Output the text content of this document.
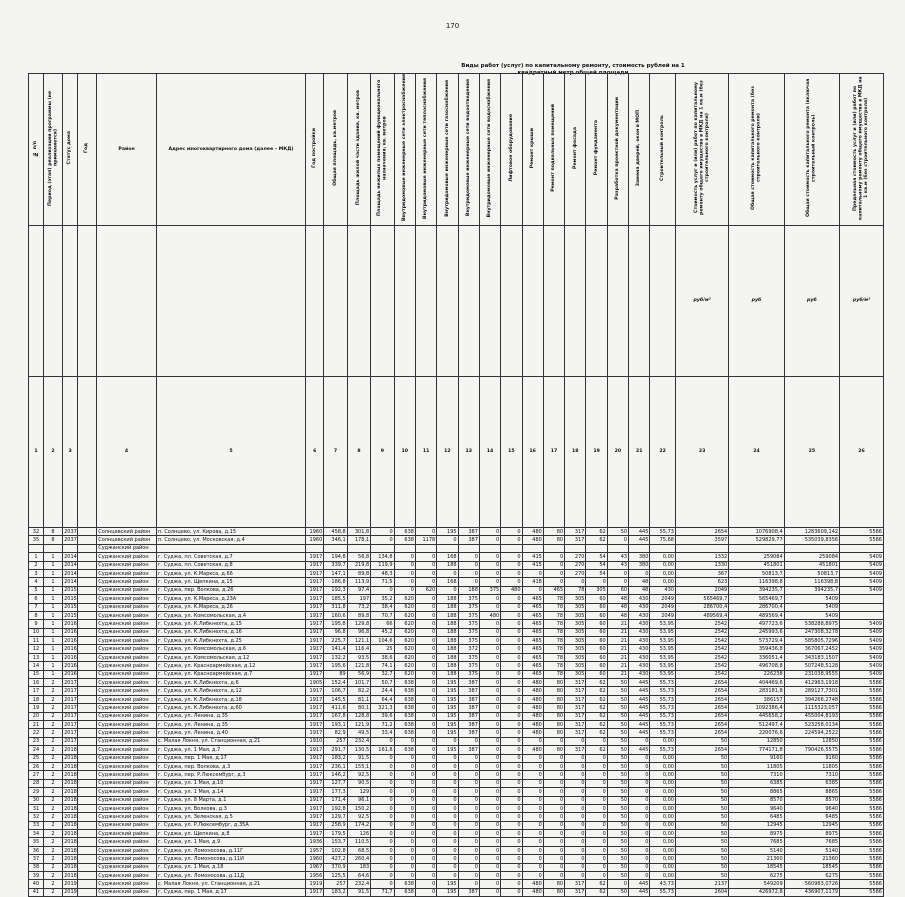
170
Виды работ (услуг) по капитальному ремонту, стоимость рублей на 1 квадратный метр общей площади
№ п/п	Период (этап) реализации программы (не применяется)	Статус дома	Год	Район	Адрес многоквартирного дома (далее – МКД)	Год постройки	Общая площадь, кв.метров	Площадь жилой части здания, кв. метров	Площадь нежилых помещений функционального назначения, кв. метров	Внутридомовые инженерные сети электроснабжения	Внутридомовые инженерные сети теплоснабжения	Внутридомовые инженерные сети газоснабжения	Внутридомовые инженерные сети водоотведения	Внутридомовые инженерные сети водоснабжения	Лифтовое оборудование	Ремонт крыши	Ремонт подвальных помещений	Ремонт фасада	Ремонт фундамента	Разработка проектной документации	Замена дверей, окон в МОП	Строительный контроль	Стоимость услуг и (или) работ по капитальному ремонту общего имущества в МКД на 1 кв.м (без строительного контроля)	Общая стоимость капитального ремонта (без строительного контроля)	Общая стоимость капитального ремонта (включая строительный контроль)	Предельная стоимость услуг и (или) работ по капитальному ремонту общего имущества в МКД на 1 кв.м (без строительного контроля)
																							руб/м²	руб	руб	руб/м²
1	2	3		4	5	6	7	8	9	10	11	12	13	14	15	16	17	18	19	20	21	22	23	24	25	26
32	8	2037		Солнцевский район	п. Солнцево, ул. Кирова, д.15	1960	458,8	301,8	0	638	0	195	387	0	0	480	80	317	62	50	445	55,73	2654	1076908,4	1283609,142	5586
35	8	2037		Солнцевский район	п. Солнцево, ул. Московская, д.4	1960	346,1	178,1	0	638	1178	0	387	0	0	480	80	317	62	0	445	75,68	3597	529829,77	535039,8356	5586
				Суджанский район																						
1	1	2014		Суджанский район	г. Суджа, пл. Советская, д.7	1917	194,8	56,8	134,8	0	0	168	0	0	0	415	0	270	54	43	380	0,00	1332	259084	259084	5409
2	1	2014		Суджанский район	г. Суджа, пл. Советская, д.8	1917	339,7	219,8	119,9	0	0	188	0	0	0	415	0	270	54	43	380	0,00	1330	451801	451801	5409
3	1	2014		Суджанский район	г. Суджа, ул. К.Маркса, д.66	1917	147,1	89,8	48,3	0	0	0	0	0	0	0	0	270	54	0	0	0,00	367	50813,7	50813,7	5409
4	1	2014		Суджанский район	г. Суджа, ул. Щепкина, д.15	1917	186,8	113,9	71,5	0	0	168	0	0	0	418	0	0	0	0	48	0,00	623	116398,8	116398,8	5409
5	1	2015		Суджанский район	г. Суджа, пер. Волкова, д.26	1917	192,3	97,4	0	0	620	0	188	375	480	0	465	78	305	60	48	430	2049	394235,7	394235,7	5409
6	1	2015		Суджанский район	г. Суджа, ул. К.Маркса, д.23А	1917	185,5	197	35,2	620	0	188	375	0	0	465	78	305	60	48	430	2049	565469,7	565469,7	5409	
7	1	2015		Суджанский район	г. Суджа, ул. К.Маркса, д.26	1917	311,8	73,2	38,4	620	0	188	375	0	0	465	78	305	60	48	430	2049	286700,4	286700,4	5409	
8	1	2015		Суджанский район	г. Суджа, ул. Комсомольская, д.4	1917	160,6	89,8	70,7	620	0	188	375	480	0	465	78	305	60	48	430	2049	489569,4	489569,4	5409	
9	1	2016		Суджанский район	г. Суджа, ул. К.Либкнехта, д.15	1917	195,8	129,8	66	620	0	188	375	0	0	465	78	305	60	21	430	53,95	2542	497723,6	538288,8975	5409
10	1	2016		Суджанский район	г. Суджа, ул. К.Либкнехта, д.16	1917	96,8	96,8	45,2	620	0	188	375	0	0	465	78	305	60	21	430	53,95	2542	245993,6	247308,3278	5409
11	1	2016		Суджанский район	г. Суджа, ул. К.Либкнехта, д.25	1917	225,7	121,1	104,6	620	0	188	375	0	0	465	78	305	60	21	430	53,95	2542	573729,4	585805,7296	5409
12	1	2016		Суджанский район	г. Суджа, ул. Комсомольская, д.6	1917	141,4	116,4	25	620	0	188	372	0	0	465	78	305	60	21	430	53,95	2542	359436,8	367067,2452	5409
13	1	2016		Суджанский район	г. Суджа, ул. Комсомольская, д.12	1917	132,2	93,5	38,6	620	0	188	375	0	0	465	78	305	60	21	430	53,95	2542	336051,4	343183,1507	5409
14	1	2016		Суджанский район	г. Суджа, ул. Красноармейская, д.12	1917	195,6	121,8	74,1	620	0	188	375	0	0	465	78	305	60	21	430	53,95	2542	496708,8	507248,5128	5409
15	1	2016		Суджанский район	г. Суджа, ул. Красноармейская, д.7	1917	89	56,9	32,7	620	0	188	375	0	0	465	78	305	60	21	430	53,95	2542	226238	231038,9555	5409
16	2	2017		Суджанский район	г. Суджа, ул. К.Либкнехта, д.6	1905	152,4	101,7	50,7	638	0	195	387	0	0	480	80	317	62	50	445	55,73	2654	404469,6	412963,1918	5586
17	2	2017		Суджанский район	г. Суджа, ул. К.Либкнехта, д.12	1917	106,7	82,2	24,4	638	0	195	387	0	0	480	80	317	62	50	445	55,73	2654	283181,8	289127,7301	5586
18	2	2017		Суджанский район	г. Суджа, ул. К.Либкнехта, д.18	1917	145,5	81,1	64,4	638	0	195	387	0	0	480	80	317	62	50	445	55,73	2654	386157	394266,2748	5586
19	2	2017		Суджанский район	г. Суджа, ул. К.Либкнехта, д.60	1917	411,6	80,1	321,3	638	0	195	387	0	0	480	80	317	62	50	445	55,73	2654	1092386,4	1115323,057	5586
20	2	2017		Суджанский район	г. Суджа, ул. Ленина, д.35	1917	167,8	128,8	39,6	638	0	195	387	0	0	480	80	317	62	50	445	55,73	2654	445658,2	455004,8193	5586
21	2	2017		Суджанский район	г. Суджа, ул. Ленина, д.35	1917	193,1	121,9	71,2	638	0	195	387	0	0	480	80	317	62	50	445	55,73	2654	512497,4	523258,0134	5586
22	2	2017		Суджанский район	г. Суджа, ул. Ленина, д.40	1917	82,9	49,5	33,4	638	0	195	387	0	0	480	80	317	62	50	445	55,73	2654	220076,6	224594,2522	5586
23	2	2017		Суджанский район	с. Малая Локня, ул. Станционная, д.21	1910	257	232,4	0	0	0	0	0	0	0	0	0	0	0	50	0	0,00	50	12850	12850	5586
24	2	2018		Суджанский район	г. Суджа, ул. 1 Мая, д.7	1917	291,7	130,5	161,8	638	0	195	387	0	0	480	80	317	62	50	445	55,73	2654	774171,8	790426,5575	5586
25	2	2018		Суджанский район	г. Суджа, пер. 1 Мая, д.17	1917	183,2	91,5	0	0	0	0	0	0	0	0	0	0	0	50	0	0,00	50	9160	9160	5586
26	2	2018		Суджанский район	г. Суджа, пер. Волкова, д.3	1917	236,1	155,1	0	0	0	0	0	0	0	0	0	0	0	50	0	0,00	50	11805	11805	5586
27	2	2018		Суджанский район	г. Суджа, пер. Р.Люксембург, д.3	1917	146,2	92,5	0	0	0	0	0	0	0	0	0	0	0	50	0	0,00	50	7310	7310	5586
28	2	2018		Суджанский район	г. Суджа, ул. 1 Мая, д.10	1917	127,7	90,5	0	0	0	0	0	0	0	0	0	0	0	50	0	0,00	50	6385	6385	5586
29	2	2018		Суджанский район	г. Суджа, ул. 1 Мая, д.14	1917	177,3	129	0	0	0	0	0	0	0	0	0	0	0	50	0	0,00	50	8865	8865	5586
30	2	2018		Суджанский район	г. Суджа, ул. 8 Марта, д.1	1917	171,4	96,1	0	0	0	0	0	0	0	0	0	0	0	50	0	0,00	50	8570	8570	5586
31	2	2018		Суджанский район	г. Суджа, ул. Волкова, д.3	1917	192,8	150,2	0	0	0	0	0	0	0	0	0	0	0	50	0	0,00	50	9640	9640	5586
32	2	2018		Суджанский район	г. Суджа, ул. Зеленская, д.5	1917	129,7	92,5	0	0	0	0	0	0	0	0	0	0	0	50	0	0,00	50	6485	6485	5586
33	2	2018		Суджанский район	г. Суджа, ул. Р.Люксембург, д.35А	1917	258,9	174,2	0	0	0	0	0	0	0	0	0	0	0	50	0	0,00	50	12945	12945	5586
34	2	2018		Суджанский район	г. Суджа, ул. Щепкина, д.8	1917	179,5	126	0	0	0	0	0	0	0	0	0	0	0	50	0	0,00	50	8975	8975	5586
35	2	2018		Суджанский район	г. Суджа, ул. 1 Мая, д.9	1936	153,7	110,5	0	0	0	0	0	0	0	0	0	0	0	50	0	0,00	50	7685	7685	5586
36	2	2018		Суджанский район	г. Суджа, ул. Ломоносова, д.11Г	1957	102,8	68,5	0	0	0	0	0	0	0	0	0	0	0	50	0	0,00	50	5140	5140	5586
37	2	2018		Суджанский район	г. Суджа, ул. Ломоносова, д.11И	1960	427,2	260,4	0	0	0	0	0	0	0	0	0	0	0	50	0	0,00	50	21360	21360	5586
38	2	2018		Суджанский район	г. Суджа, ул. 1 Мая, д.18	1967	370,9	183	0	0	0	0	0	0	0	0	0	0	0	50	0	0,00	50	18545	18545	5586
39	2	2018		Суджанский район	г. Суджа, ул. Ломоносова, д.11Д	1956	125,5	64,6	0	0	0	0	0	0	0	0	0	0	0	50	0	0,00	50	6275	6275	5586
40	2	2019		Суджанский район	с. Малая Локня, ул. Станционная, д.21	1919	257	232,4	0	638	0	195	0	0	0	480	80	317	62	0	445	43,73	2137	549209	560963,0726	5586
41	2	2019		Суджанский район	г. Суджа, пер. 1 Мая, д.17	1917	183,2	91,5	71,7	638	0	195	387	0	0	480	80	317	62	50	445	55,73	2604	426972,8	436907,1179	5586
